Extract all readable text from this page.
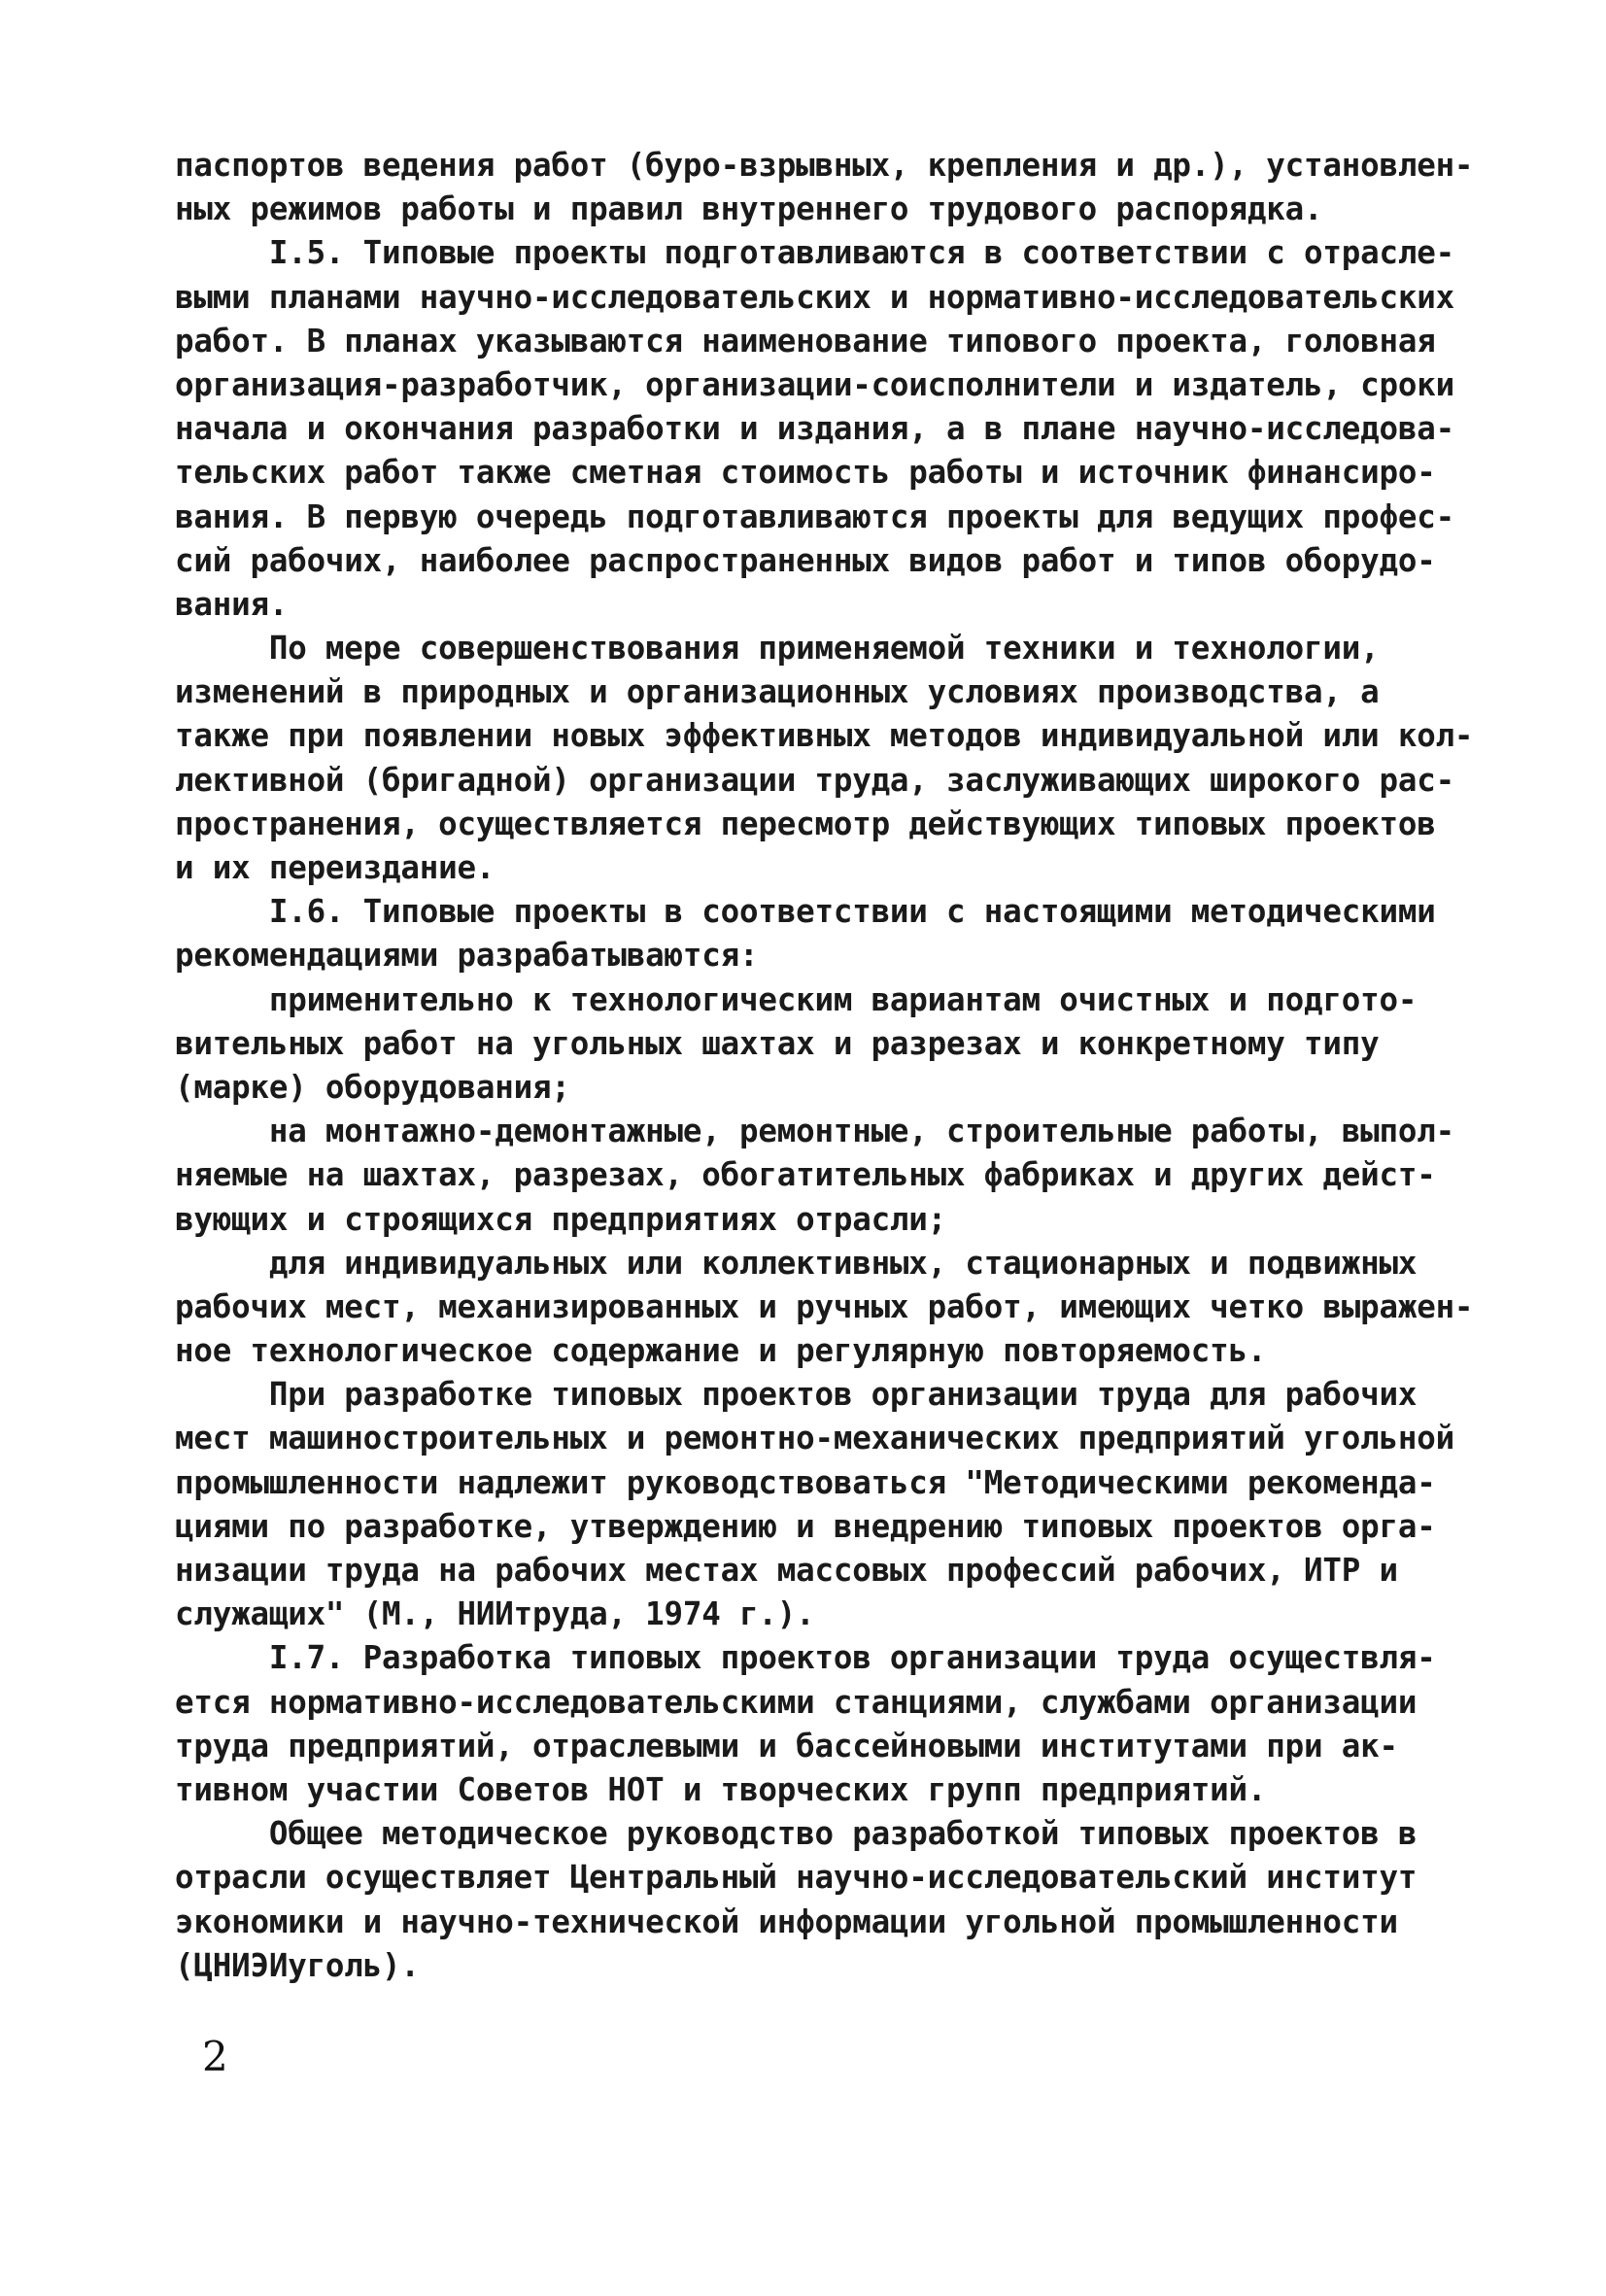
паспортов ведения работ (буро-взрывных, крепления и др.), установлен-
ных режимов работы и правил внутреннего трудового распорядка.
I.5. Типовые проекты подготавливаются в соответствии с отрасле-
выми планами научно-исследовательских и нормативно-исследовательских
работ. В планах указываются наименование типового проекта, головная
организация-разработчик, организации-соисполнители и издатель, сроки
начала и окончания разработки и издания, а в плане научно-исследова-
тельских работ также сметная стоимость работы и источник финансиро-
вания. В первую очередь подготавливаются проекты для ведущих профес-
сий рабочих, наиболее распространенных видов работ и типов оборудо-
вания.
По мере совершенствования применяемой техники и технологии,
изменений в природных и организационных условиях производства, а
также при появлении новых эффективных методов индивидуальной или кол-
лективной (бригадной) организации труда, заслуживающих широкого рас-
пространения, осуществляется пересмотр действующих типовых проектов
и их переиздание.
I.6. Типовые проекты в соответствии с настоящими методическими
рекомендациями разрабатываются:
применительно к технологическим вариантам очистных и подгото-
вительных работ на угольных шахтах и разрезах и конкретному типу
(марке) оборудования;
на монтажно-демонтажные, ремонтные, строительные работы, выпол-
няемые на шахтах, разрезах, обогатительных фабриках и других дейст-
вующих и строящихся предприятиях отрасли;
для индивидуальных или коллективных, стационарных и подвижных
рабочих мест, механизированных и ручных работ, имеющих четко выражен-
ное технологическое содержание и регулярную повторяемость.
При разработке типовых проектов организации труда для рабочих
мест машиностроительных и ремонтно-механических предприятий угольной
промышленности надлежит руководствоваться "Методическими рекоменда-
циями по разработке, утверждению и внедрению типовых проектов орга-
низации труда на рабочих местах массовых профессий рабочих, ИТР и
служащих" (М., НИИтруда, 1974 г.).
I.7. Разработка типовых проектов организации труда осуществля-
ется нормативно-исследовательскими станциями, службами организации
труда предприятий, отраслевыми и бассейновыми институтами при ак-
тивном участии Советов НОТ и творческих групп предприятий.
Общее методическое руководство разработкой типовых проектов в
отрасли осуществляет Центральный научно-исследовательский институт
экономики и научно-технической информации угольной промышленности
(ЦНИЭИуголь).
2
